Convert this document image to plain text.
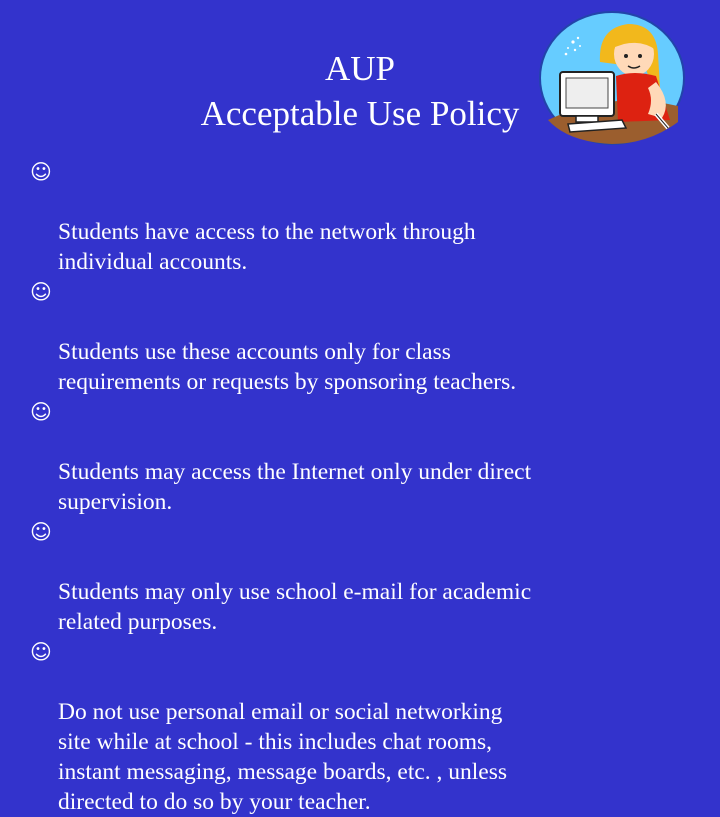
AUP
Acceptable Use Policy

☺

Students have access to the network through
individual accounts.

☺

Students use these accounts only for class
requirements or requests by sponsoring teachers.

☺

Students may access the Internet only under direct
supervision.

☺

Students may only use school e-mail for academic
related purposes.

☺

Do not use personal email or social networking
site while at school - this includes chat rooms,
instant messaging, message boards, etc. , unless
directed to do so by your teacher.
